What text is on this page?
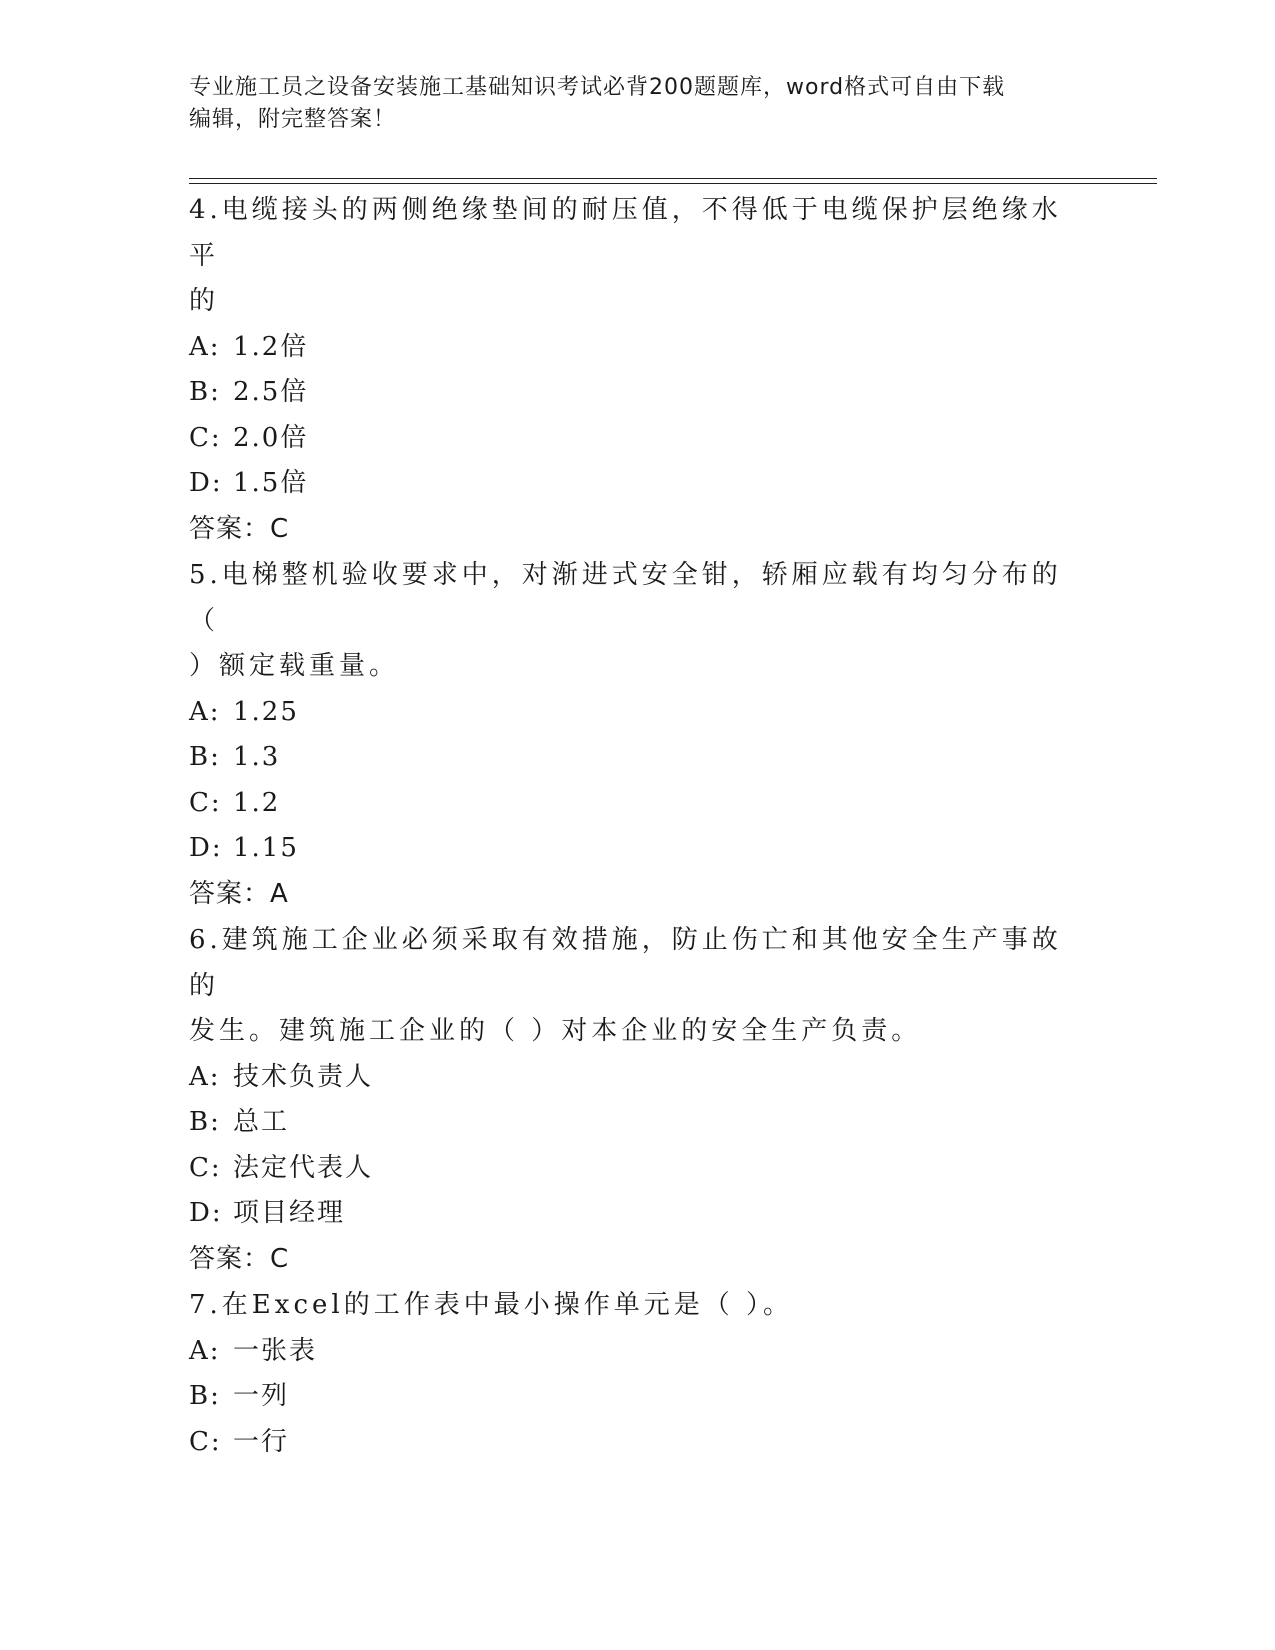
专业施工员之设备安装施工基础知识考试必背200题题库，word格式可自由下载
编辑，附完整答案！
4.电缆接头的两侧绝缘垫间的耐压值，不得低于电缆保护层绝缘水平
的
A: 1.2倍
B: 2.5倍
C: 2.0倍
D: 1.5倍
答案：C
5.电梯整机验收要求中，对渐进式安全钳，轿厢应载有均匀分布的（
）额定载重量。
A: 1.25
B: 1.3
C: 1.2
D: 1.15
答案：A
6.建筑施工企业必须采取有效措施，防止伤亡和其他安全生产事故的
发生。建筑施工企业的（ ）对本企业的安全生产负责。
A: 技术负责人
B: 总工
C: 法定代表人
D: 项目经理
答案：C
7.在Excel的工作表中最小操作单元是（ ）。
A: 一张表
B: 一列
C: 一行
